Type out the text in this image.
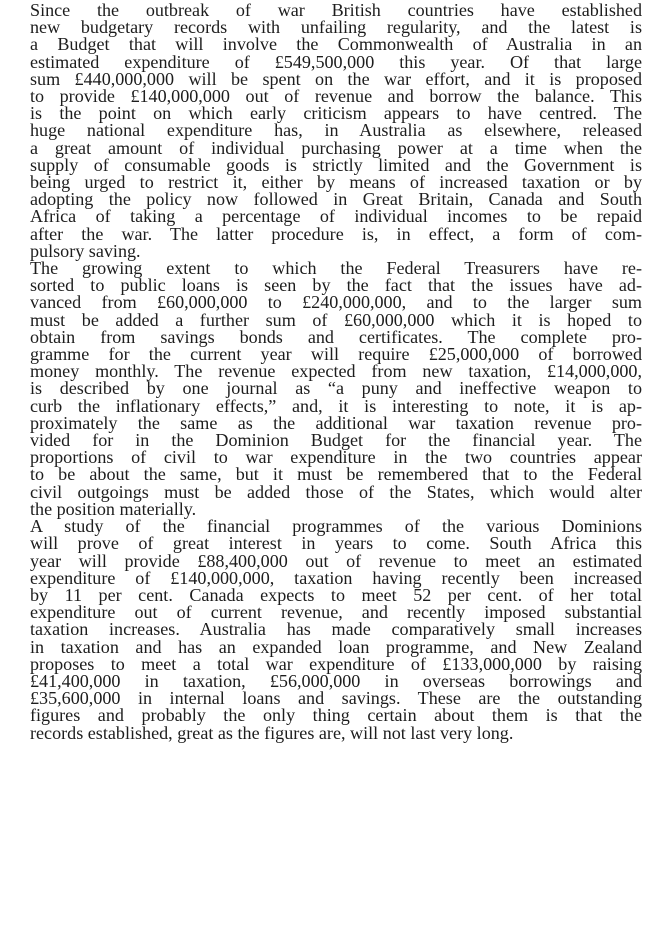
Since the outbreak of war British countries have established
new budgetary records with unfailing regularity, and the latest is
a Budget that will involve the Commonwealth of Australia in an
estimated expenditure of £549,500,000 this year. Of that large
sum £440,000,000 will be spent on the war effort, and it is proposed
to provide £140,000,000 out of revenue and borrow the balance. This
is the point on which early criticism appears to have centred. The
huge national expenditure has, in Australia as elsewhere, released
a great amount of individual purchasing power at a time when the
supply of consumable goods is strictly limited and the Government is
being urged to restrict it, either by means of increased taxation or by
adopting the policy now followed in Great Britain, Canada and South
Africa of taking a percentage of individual incomes to be repaid
after the war. The latter procedure is, in effect, a form of com-
pulsory saving.
The growing extent to which the Federal Treasurers have re-
sorted to public loans is seen by the fact that the issues have ad-
vanced from £60,000,000 to £240,000,000, and to the larger sum
must be added a further sum of £60,000,000 which it is hoped to
obtain from savings bonds and certificates. The complete pro-
gramme for the current year will require £25,000,000 of borrowed
money monthly. The revenue expected from new taxation, £14,000,000,
is described by one journal as “a puny and ineffective weapon to
curb the inflationary effects,” and, it is interesting to note, it is ap-
proximately the same as the additional war taxation revenue pro-
vided for in the Dominion Budget for the financial year. The
proportions of civil to war expenditure in the two countries appear
to be about the same, but it must be remembered that to the Federal
civil outgoings must be added those of the States, which would alter
the position materially.
A study of the financial programmes of the various Dominions
will prove of great interest in years to come. South Africa this
year will provide £88,400,000 out of revenue to meet an estimated
expenditure of £140,000,000, taxation having recently been increased
by 11 per cent. Canada expects to meet 52 per cent. of her total
expenditure out of current revenue, and recently imposed substantial
taxation increases. Australia has made comparatively small increases
in taxation and has an expanded loan programme, and New Zealand
proposes to meet a total war expenditure of £133,000,000 by raising
£41,400,000 in taxation, £56,000,000 in overseas borrowings and
£35,600,000 in internal loans and savings. These are the outstanding
figures and probably the only thing certain about them is that the
records established, great as the figures are, will not last very long.
